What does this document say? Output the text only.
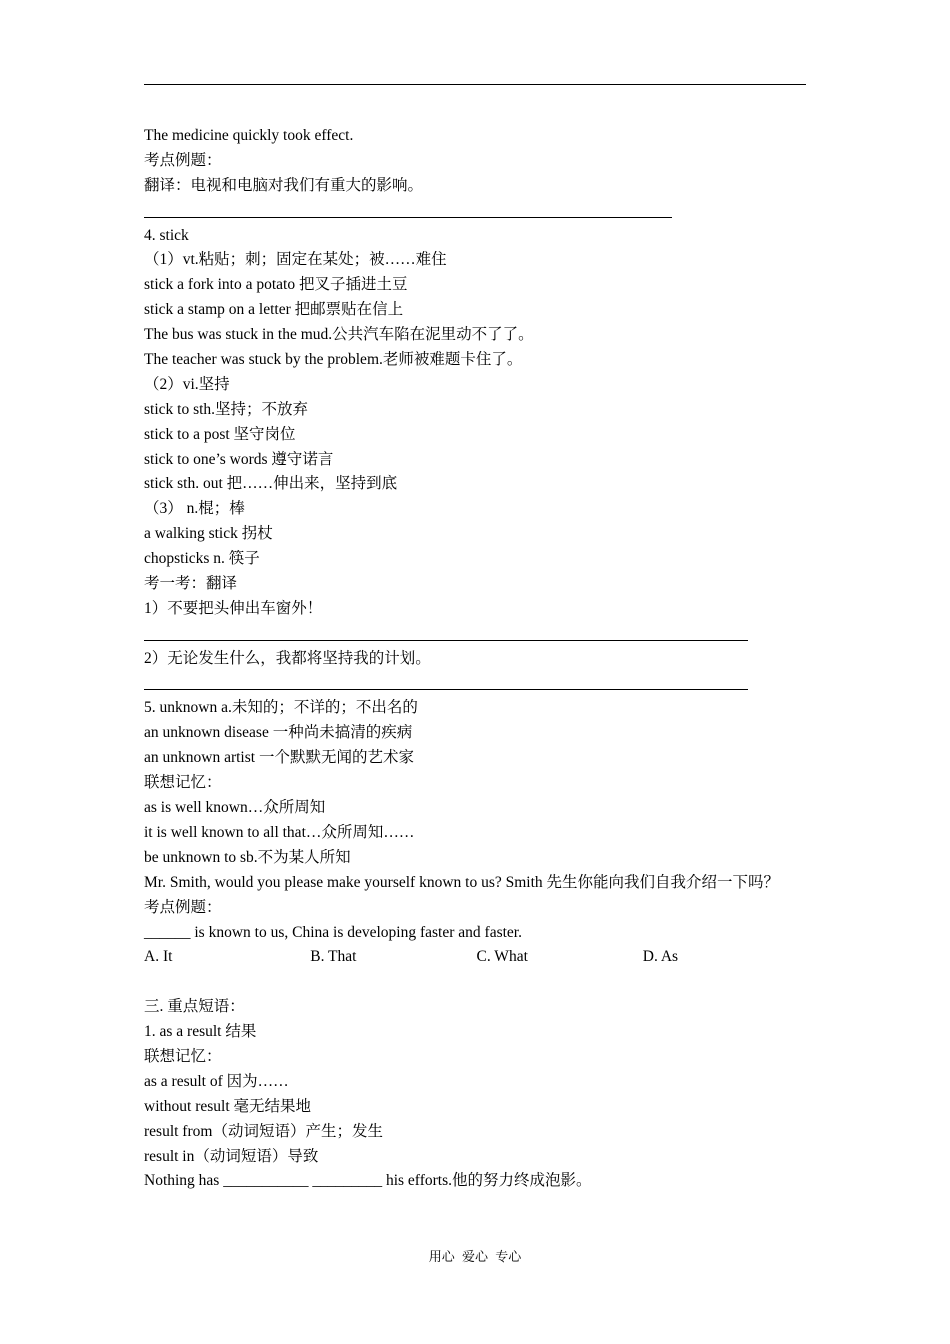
The medicine quickly took effect.
考点例题：
翻译：电视和电脑对我们有重大的影响。
4. stick
（1）vt.粘贴；刺；固定在某处；被……难住
stick a fork into a potato 把叉子插进土豆
stick a stamp on a letter 把邮票贴在信上
The bus was stuck in the mud.公共汽车陷在泥里动不了了。
The teacher was stuck by the problem.老师被难题卡住了。
（2）vi.坚持
stick to sth.坚持；不放弃
stick to a post 坚守岗位
stick to one’s words 遵守诺言
stick sth. out 把……伸出来，坚持到底
（3） n.棍；棒
a walking stick 拐杖
chopsticks n. 筷子
考一考：翻译
1）不要把头伸出车窗外！
2）无论发生什么，我都将坚持我的计划。
5. unknown a.未知的；不详的；不出名的
an unknown disease 一种尚未搞清的疾病
an unknown artist 一个默默无闻的艺术家
联想记忆：
as is well known…众所周知
it is well known to all that…众所周知……
be unknown to sb.不为某人所知
Mr. Smith, would you please make yourself known to us? Smith 先生你能向我们自我介绍一下吗？
考点例题：
______ is known to us, China is developing faster and faster.
A. It	B. That	C. What	D. As
三. 重点短语：
1. as a result 结果
联想记忆：
as a result of 因为……
without result 毫无结果地
result from（动词短语）产生；发生
result in（动词短语）导致
Nothing has ___________ _________ his efforts.他的努力终成泡影。
用心 爱心 专心
